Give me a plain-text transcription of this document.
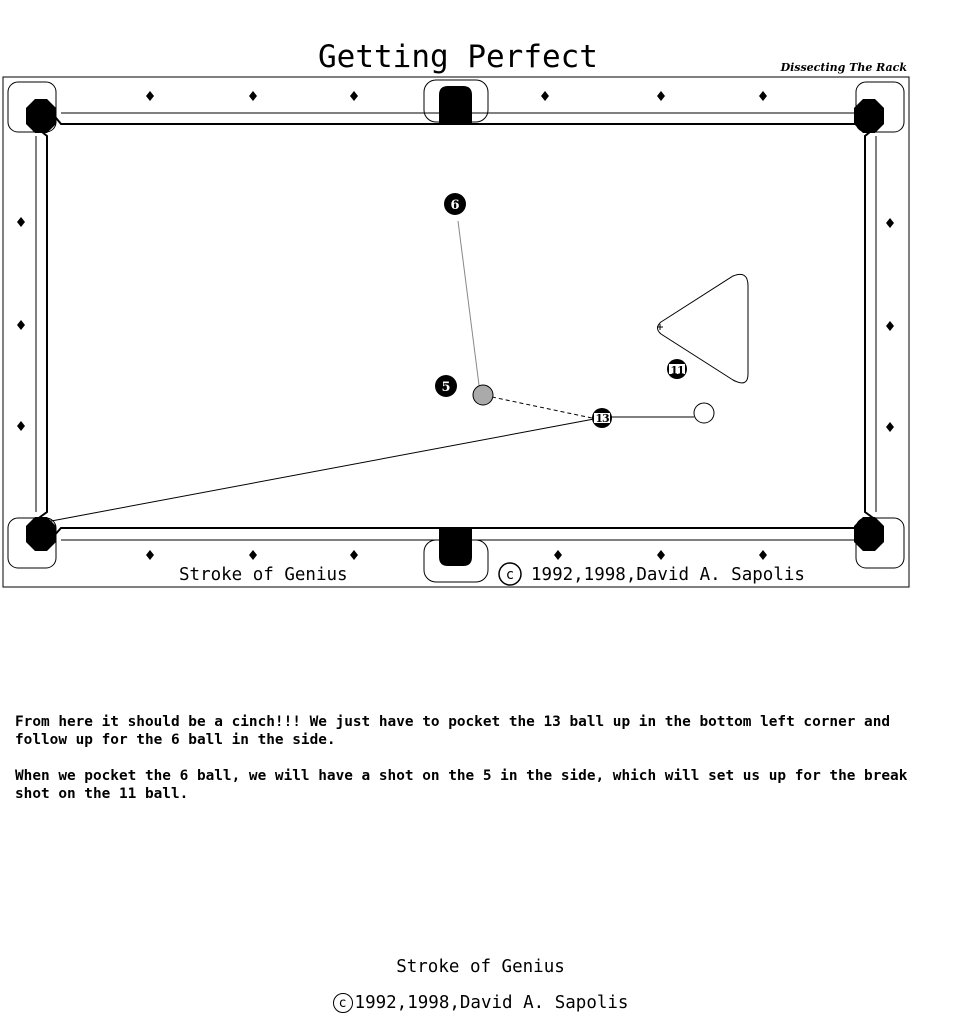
Getting Perfect	Dissecting The Rack
6
5
13
11
Stroke of Genius	c 1992,1998,David A. Sapolis
From here it should be a cinch!!! We just have to pocket the 13 ball up in the bottom left corner and follow up for the 6 ball in the side.
When we pocket the 6 ball, we will have a shot on the 5 in the side, which will set us up for the break shot on the 11 ball.
Stroke of Genius
c 1992,1998,David A. Sapolis
